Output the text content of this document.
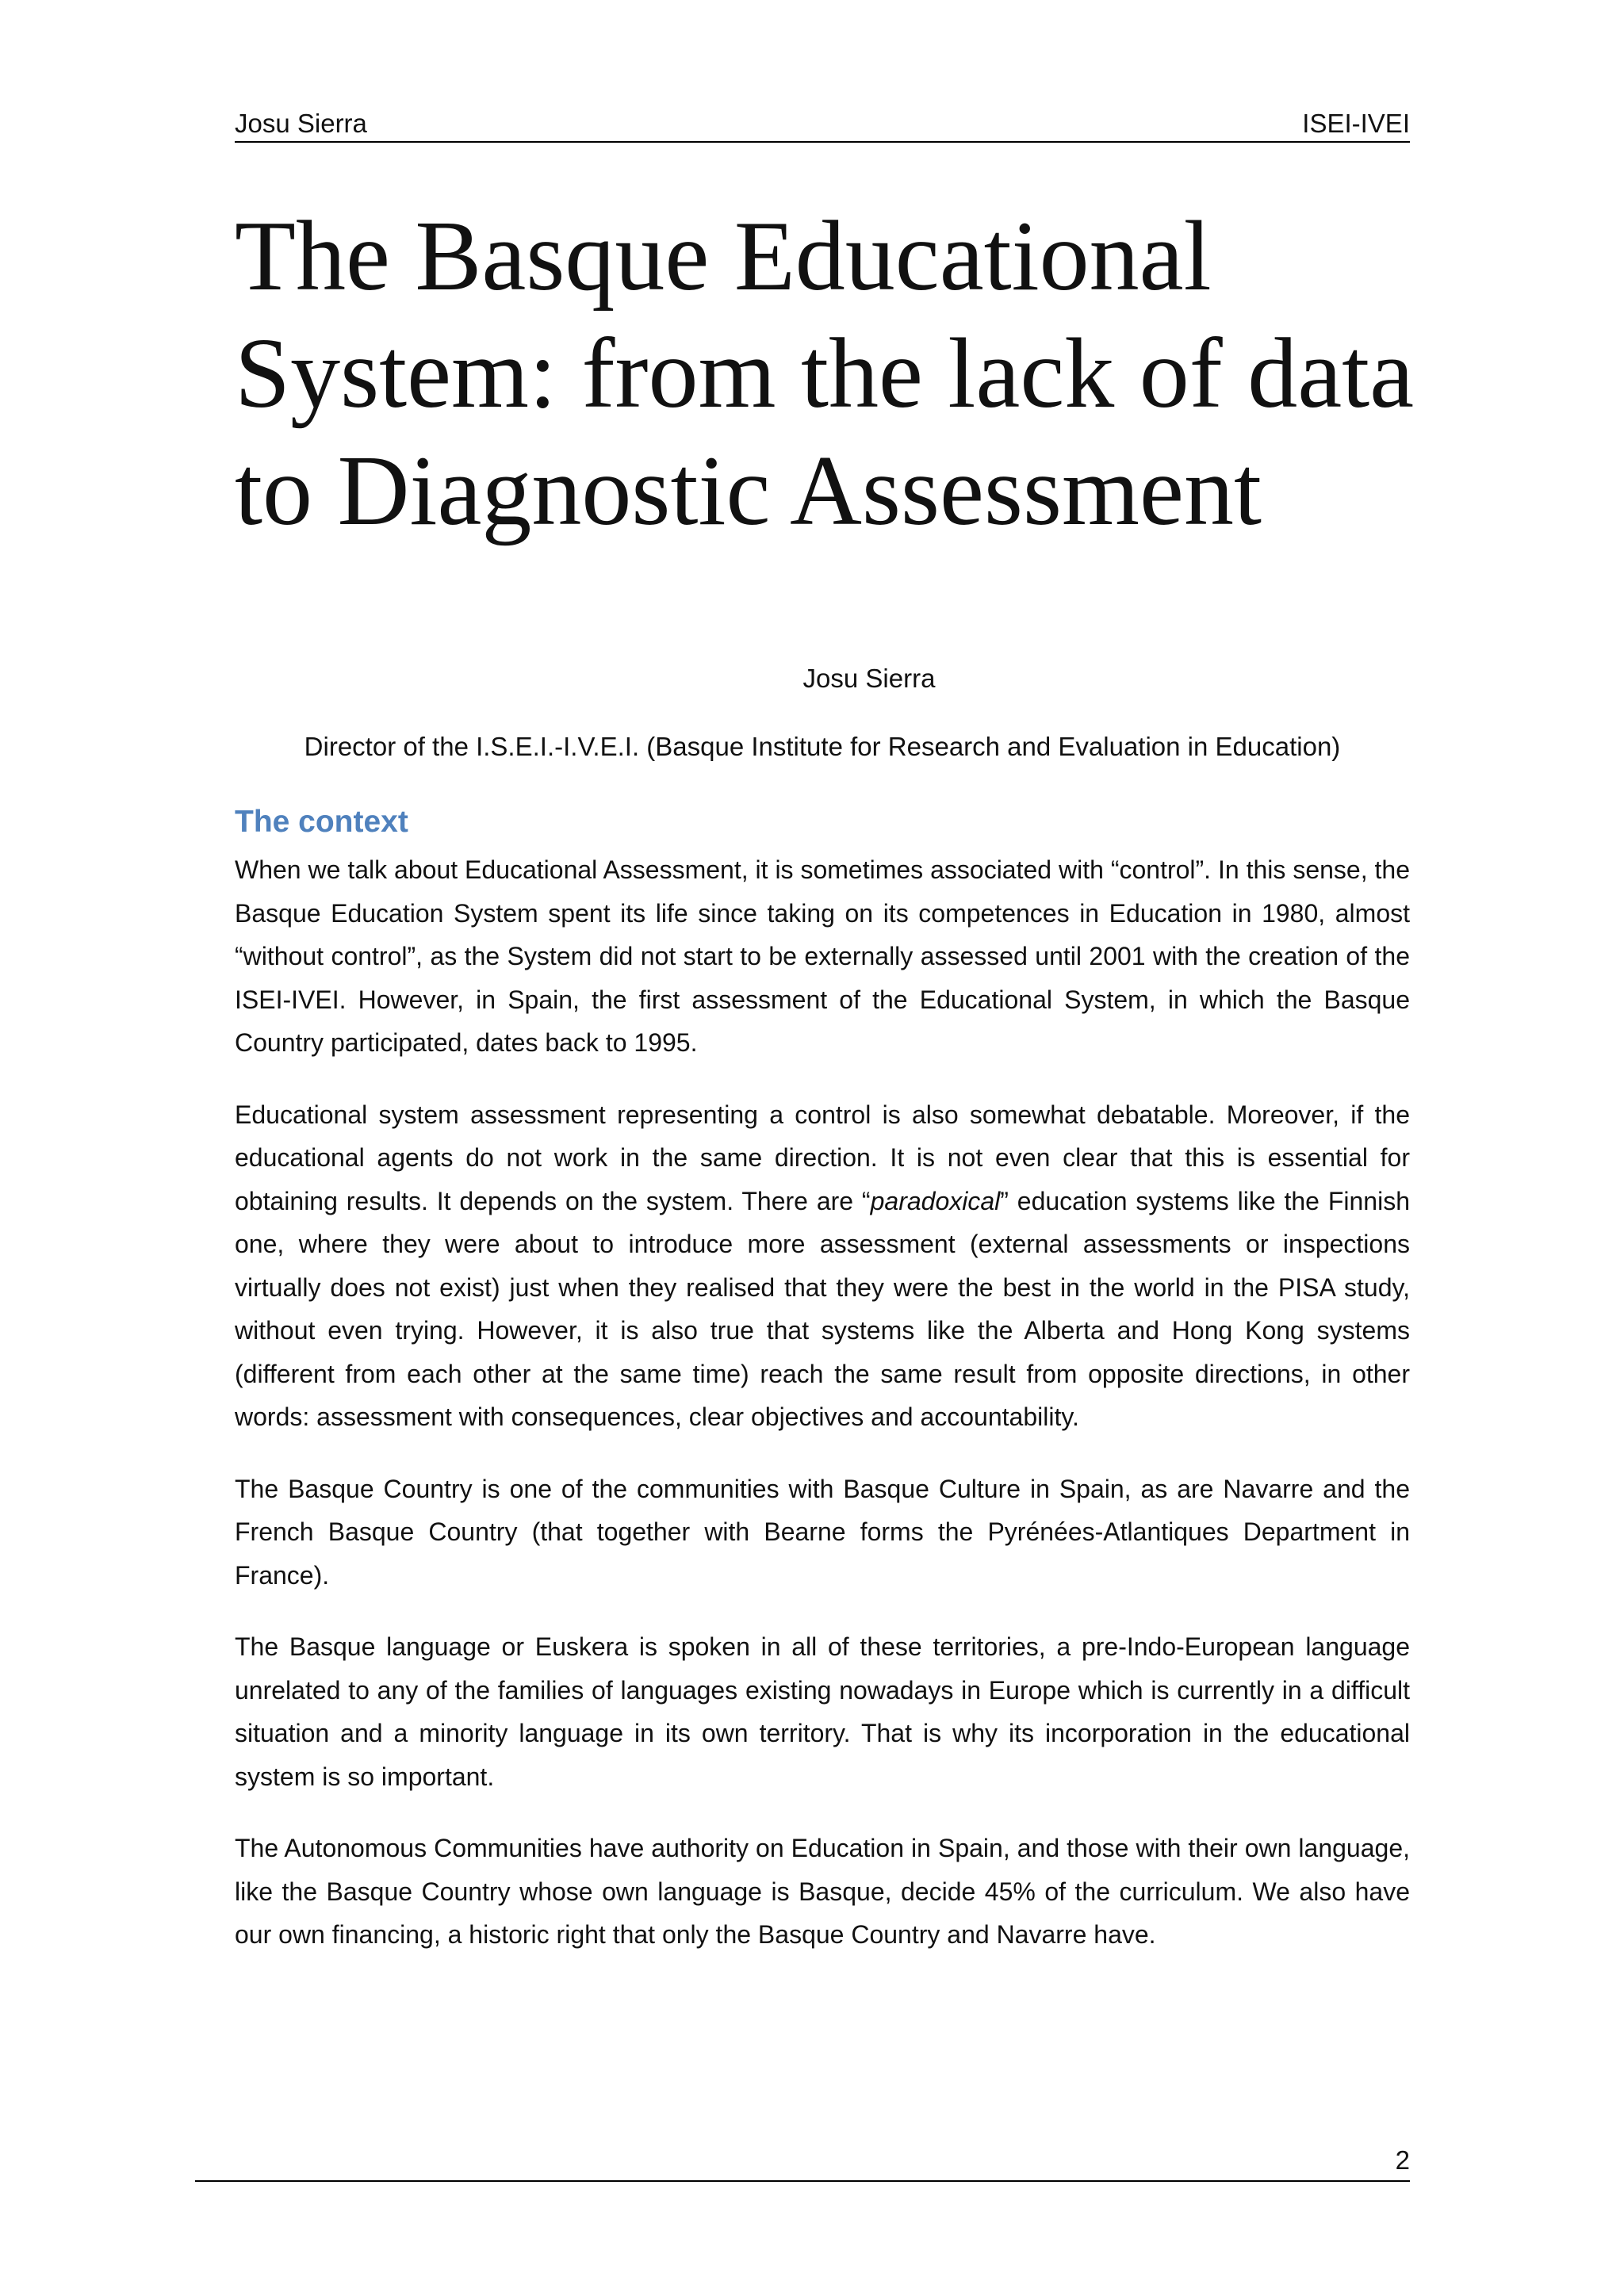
Josu Sierra	ISEI-IVEI
The Basque Educational System: from the lack of data to Diagnostic Assessment
Josu Sierra
Director of the I.S.E.I.-I.V.E.I. (Basque Institute for Research and Evaluation in Education)
The context

When we talk about Educational Assessment, it is sometimes associated with “control”. In this sense, the Basque Education System spent its life since taking on its competences in Education in 1980, almost “without control”, as the System did not start to be externally assessed until 2001 with the creation of the ISEI-IVEI. However, in Spain, the first assessment of the Educational System, in which the Basque Country participated, dates back to 1995.

Educational system assessment representing a control is also somewhat debatable. Moreover, if the educational agents do not work in the same direction. It is not even clear that this is essential for obtaining results. It depends on the system. There are “paradoxical” education systems like the Finnish one, where they were about to introduce more assessment (external assessments or inspections virtually does not exist) just when they realised that they were the best in the world in the PISA study, without even trying. However, it is also true that systems like the Alberta and Hong Kong systems (different from each other at the same time) reach the same result from opposite directions, in other words: assessment with consequences, clear objectives and accountability.

The Basque Country is one of the communities with Basque Culture in Spain, as are Navarre and the French Basque Country (that together with Bearne forms the Pyrénées-Atlantiques Department in France).

The Basque language or Euskera is spoken in all of these territories, a pre-Indo-European language unrelated to any of the families of languages existing nowadays in Europe which is currently in a difficult situation and a minority language in its own territory. That is why its incorporation in the educational system is so important.

The Autonomous Communities have authority on Education in Spain, and those with their own language, like the Basque Country whose own language is Basque, decide 45% of the curriculum. We also have our own financing, a historic right that only the Basque Country and Navarre have.

2
